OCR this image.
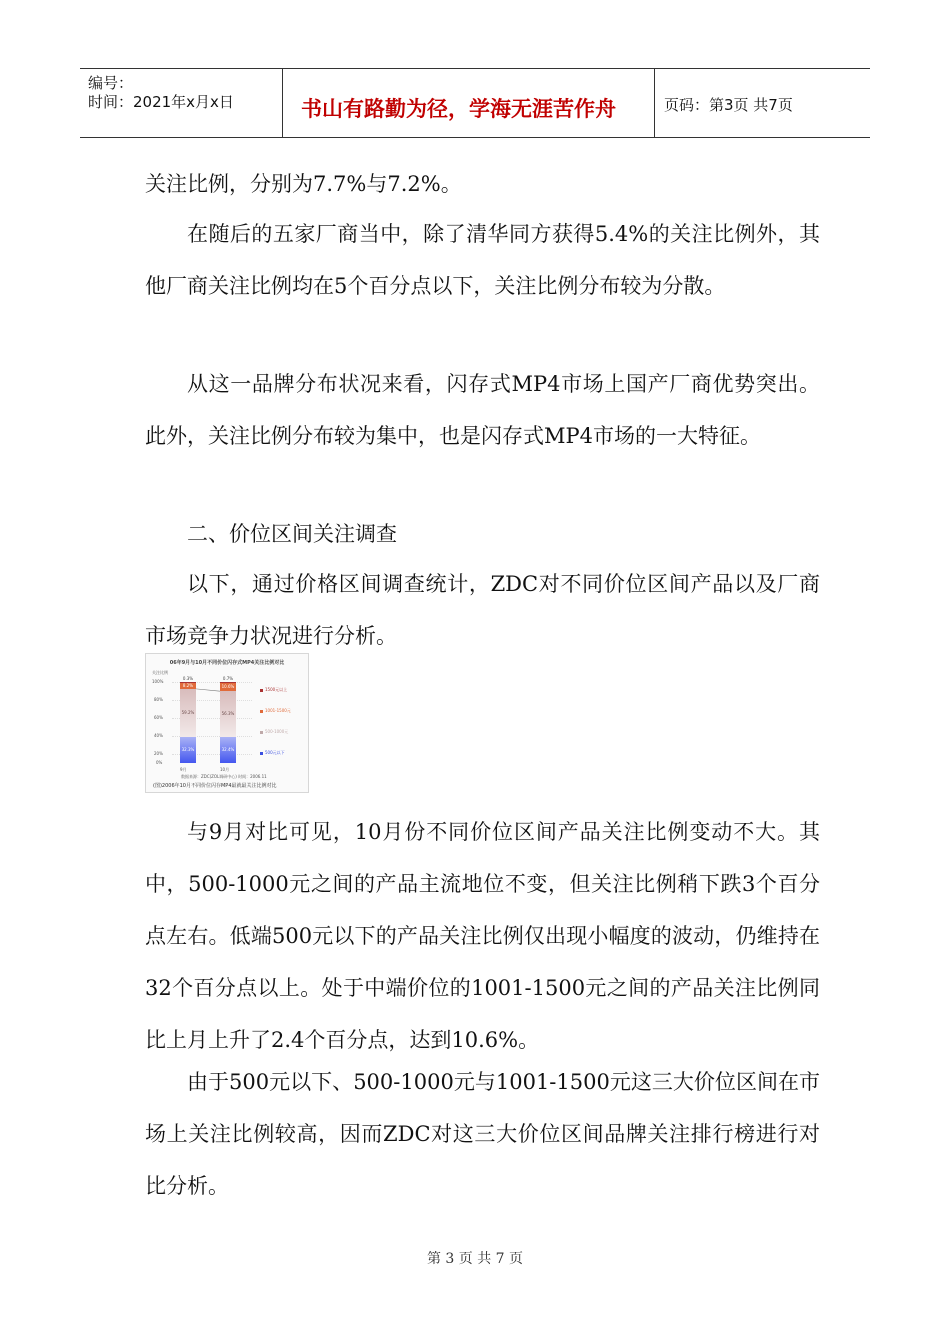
编号：
时间：2021年x月x日	书山有路勤为径，学海无涯苦作舟	页码：第3页 共7页

关注比例，分别为7.7%与7.2%。

在随后的五家厂商当中，除了清华同方获得5.4%的关注比例外，其他厂商关注比例均在5个百分点以下，关注比例分布较为分散。

从这一品牌分布状况来看，闪存式MP4市场上国产厂商优势突出。此外，关注比例分布较为集中，也是闪存式MP4市场的一大特征。

二、价位区间关注调查

以下，通过价格区间调查统计，ZDC对不同价位区间产品以及厂商市场竞争力状况进行分析。

06年9月与10月不同价位闪存式MP4关注比例对比
关注比例
100%
80%
60%
40%
20%
0%
32.3%
59.2%
8.2%
0.3%
32.4%
56.3%
10.6%
0.7%
9月	10月
1500元以上
1001-1500元
500-1000元
500元以下
数据来源：ZDC(ZOL调研中心) 时间：2006.11
(图)2006年10月不同价位闪存MP4最就最关注比例对比

与9月对比可见，10月份不同价位区间产品关注比例变动不大。其中，500-1000元之间的产品主流地位不变，但关注比例稍下跌3个百分点左右。低端500元以下的产品关注比例仅出现小幅度的波动，仍维持在32个百分点以上。处于中端价位的1001-1500元之间的产品关注比例同比上月上升了2.4个百分点，达到10.6%。

由于500元以下、500-1000元与1001-1500元这三大价位区间在市场上关注比例较高，因而ZDC对这三大价位区间品牌关注排行榜进行对比分析。

第 3 页 共 7 页
